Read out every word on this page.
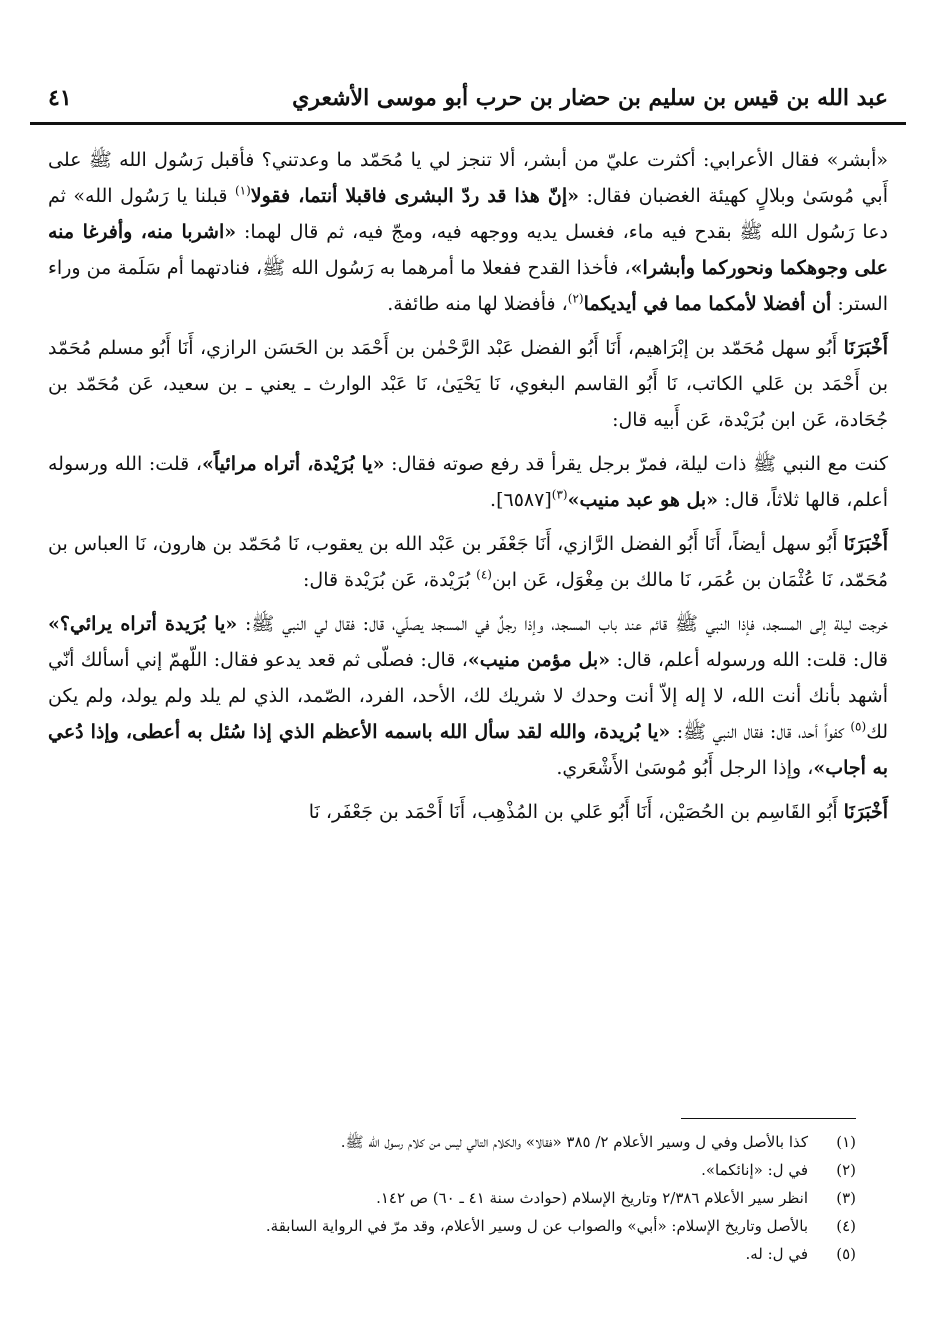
عبد الله بن قيس بن سليم بن حضار بن حرب أبو موسى الأشعري
٤١

«أبشر» فقال الأعرابي: أكثرت عليّ من أبشر، ألا تنجز لي يا مُحَمّد ما وعدتني؟ فأقبل رَسُول الله ﷺ على أَبي مُوسَىٰ وبلالٍ كهيئة الغضبان فقال: «إنّ هذا قد ردّ البشرى فاقبلا أنتما، فقولا$^{(١)}$ قبلنا يا رَسُول الله» ثم دعا رَسُول الله ﷺ بقدح فيه ماء، فغسل يديه ووجهه فيه، ومجّ فيه، ثم قال لهما: «اشربا منه، وأفرغا منه على وجوهكما ونحوركما وأبشرا»، فأخذا القدح ففعلا ما أمرهما به رَسُول الله ﷺ، فنادتهما أم سَلَمة من وراء الستر: أن أفضلا لأمكما مما في أيديكما$^{(٢)}$، فأفضلا لها منه طائفة.

أَخْبَرَنَا أَبُو سهل مُحَمّد بن إبْرَاهيم، أَنَا أَبُو الفضل عَبْد الرَّحْمٰن بن أَحْمَد بن الحَسَن الرازي، أَنَا أَبُو مسلم مُحَمّد بن أَحْمَد بن عَلي الكاتب، نَا أَبُو القاسم البغوي، نَا يَحْيَىٰ، نَا عَبْد الوارث ـ يعني ـ بن سعيد، عَن مُحَمّد بن جُحَادة، عَن ابن بُرَيْدة، عَن أَبيه قال:

كنت مع النبي ﷺ ذات ليلة، فمرّ برجل يقرأ قد رفع صوته فقال: «يا بُرَيْدة، أتراه مرائياً»، قلت: الله ورسوله أعلم، قالها ثلاثاً، قال: «بل هو عبد منيب»$^{(٣)}$[٦٥٨٧].

أَخْبَرَنَا أَبُو سهل أيضاً، أَنَا أَبُو الفضل الرَّازي، أَنَا جَعْفَر بن عَبْد الله بن يعقوب، نَا مُحَمّد بن هارون، نَا العباس بن مُحَمّد، نَا عُثْمَان بن عُمَر، نَا مالك بن مِغْوَل، عَن ابن$^{(٤)}$ بُرَيْدة، عَن بُرَيْدة قال:

خرجت ليلة إلى المسجد، فإذا النبي ﷺ قائم عند باب المسجد، وإذا رجلٌ في المسجد يصلّي، قال: فقال لي النبي ﷺ: «يا بُرَيدة أتراه يرائي؟» قال: قلت: الله ورسوله أعلم، قال: «بل مؤمن منيب»، قال: فصلّى ثم قعد يدعو فقال: اللّهمّ إني أسألك أنّي أشهد بأنك أنت الله، لا إله إلاّ أنت وحدك لا شريك لك، الأحد، الفرد، الصّمد، الذي لم يلد ولم يولد، ولم يكن لك$^{(٥)}$ كفواً أحد، قال: فقال النبي ﷺ: «يا بُريدة، والله لقد سأل الله باسمه الأعظم الذي إذا سُئل به أعطى، وإذا دُعي به أجاب»، وإذا الرجل أَبُو مُوسَىٰ الأَشْعَري.

أَخْبَرَنَا أَبُو القَاسِم بن الحُصَيْن، أَنَا أَبُو عَلي بن المُذْهِب، أَنَا أَحْمَد بن جَعْفَر، نَا

(١)
كذا بالأصل وفي ل وسير الأعلام ٢/ ٣٨٥ «فقالا» والكلام التالي ليس من كلام رسول الله ﷺ.
(٢)
في ل: «إنائكما».
(٣)
انظر سير الأعلام ٢/٣٨٦ وتاريخ الإسلام (حوادث سنة ٤١ ـ ٦٠) ص ١٤٢.
(٤)
بالأصل وتاريخ الإسلام: «أبي» والصواب عن ل وسير الأعلام، وقد مرّ في الرواية السابقة.
(٥)
في ل: له.
